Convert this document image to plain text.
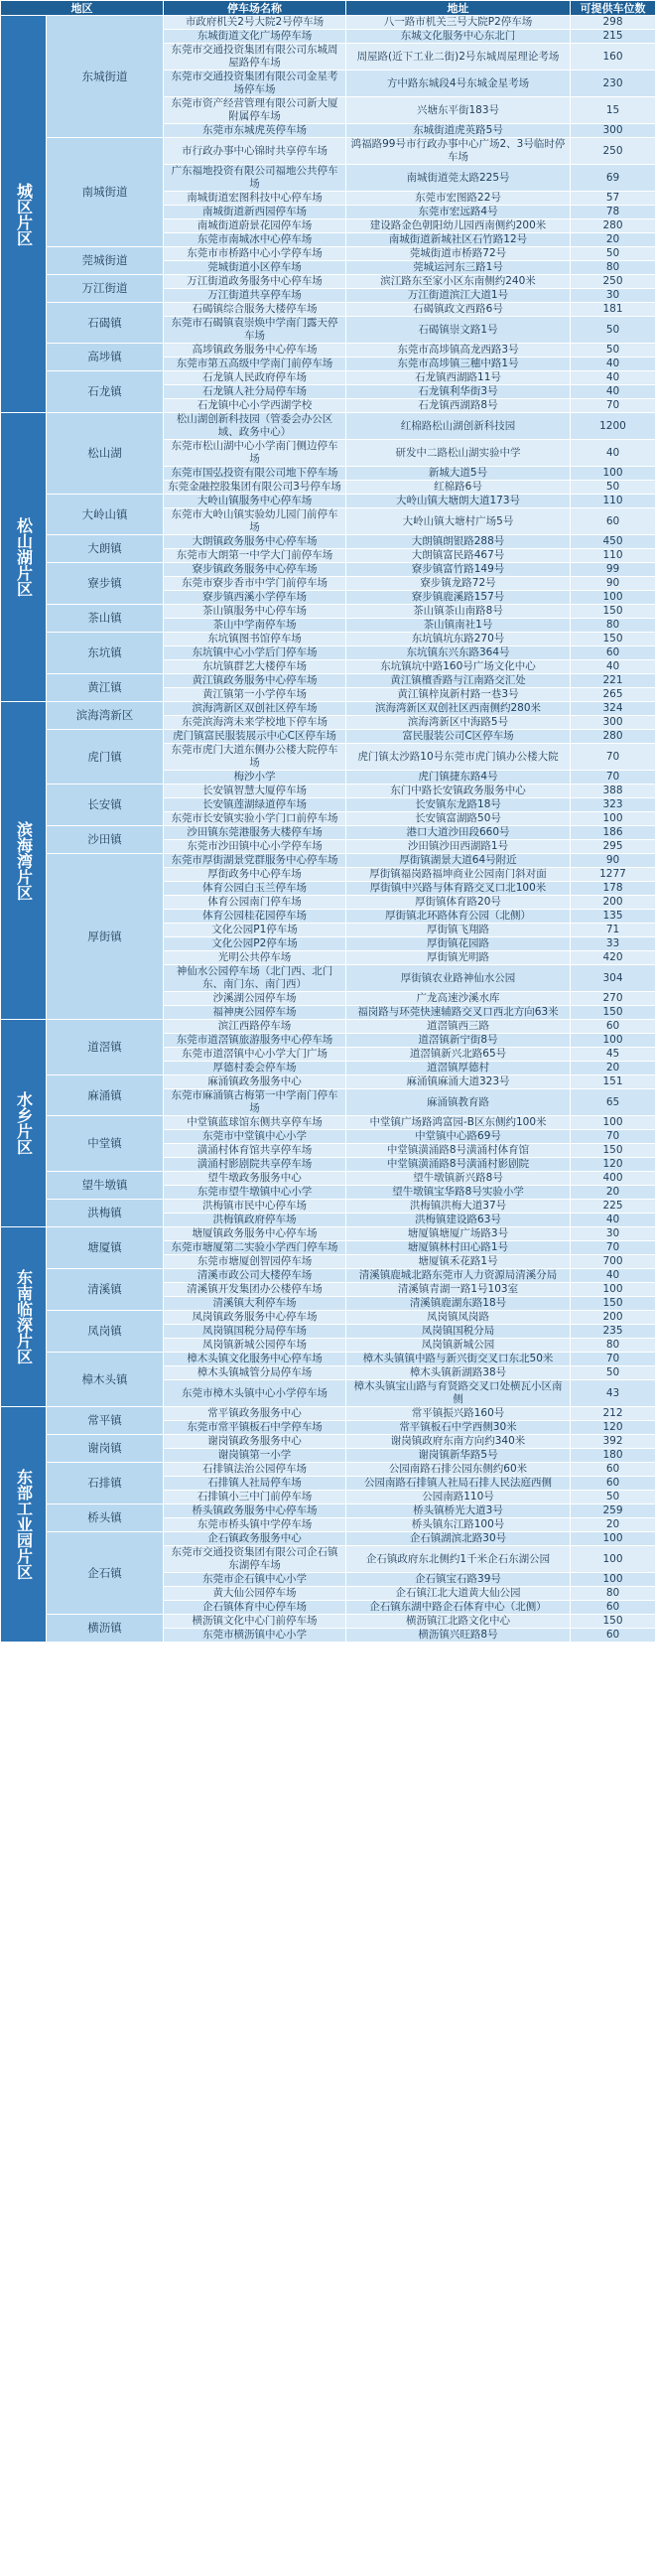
地区		停车场名称	地址	可提供车位数
城区片区	东城街道	市政府机关2号大院2号停车场	八一路市机关三号大院P2停车场	298
		东城街道文化广场停车场	东城文化服务中心东北门	215
		东莞市交通投资集团有限公司东城周屋路停车场	周屋路(近下工业二街)2号东城周屋理论考场	160
		东莞市交通投资集团有限公司金星考场停车场	方中路东城段4号东城金星考场	230
		东莞市资产经营管理有限公司新大厦附属停车场	兴塘东平街183号	15
		东莞市东城虎英停车场	东城街道虎英路5号	300
	南城街道	市行政办事中心锦时共享停车场	鸿福路99号市行政办事中心广场2、3号临时停车场	250
		广东福地投资有限公司福地公共停车场	南城街道莞太路225号	69
		南城街道宏图科技中心停车场	东莞市宏图路22号	57
		南城街道新西园停车场	东莞市宏远路4号	78
		南城街道蔚景花园停车场	建设路金色朝阳幼儿园西南侧约200米	280
		东莞市南城冰中心停车场	南城街道新城社区石竹路12号	20
	莞城街道	东莞市市桥路中心小学停车场	莞城街道市桥路72号	50
		莞城街道小区停车场	莞城运河东三路1号	80
	万江街道	万江街道政务服务中心停车场	滨江路东至家小区东南侧约240米	250
		万江街道共享停车场	万江街道滨江大道1号	30
	石碣镇	石碣镇综合服务大楼停车场	石碣镇政文西路6号	181
		东莞市石碣镇袁崇焕中学南门露天停车场	石碣镇崇文路1号	50
	高埗镇	高埗镇政务服务中心停车场	东莞市高埗镇高龙西路3号	50
		东莞市第五高级中学南门前停车场	东莞市高埗镇三穗中路1号	40
	石龙镇	石龙镇人民政府停车场	石龙镇西湖路11号	40
		石龙镇人社分局停车场	石龙镇利华街3号	40
		石龙镇中心小学西湖学校	石龙镇西湖路8号	70
松山湖片区	松山湖	松山湖创新科技园（管委会办公区域、政务中心）	红棉路松山湖创新科技园	1200
		东莞市松山湖中心小学南门侧边停车场	研发中二路松山湖实验中学	40
		东莞市国弘投资有限公司地下停车场	新城大道5号	100
		东莞金融控股集团有限公司3号停车场	红棉路6号	50
	大岭山镇	大岭山镇服务中心停车场	大岭山镇大塘朗大道173号	110
		东莞市大岭山镇实验幼儿园门前停车场	大岭山镇大塘村广场5号	60
	大朗镇	大朗镇政务服务中心停车场	大朗镇朗银路288号	450
		东莞市大朗第一中学大门前停车场	大朗镇富民路467号	110
	寮步镇	寮步镇政务服务中心停车场	寮步镇富竹路149号	99
		东莞市寮步香市中学门前停车场	寮步镇龙路72号	90
		寮步镇西溪小学停车场	寮步镇鹿溪路157号	100
	茶山镇	茶山镇服务中心停车场	茶山镇茶山南路8号	150
		茶山中学南停车场	茶山镇南社1号	80
	东坑镇	东坑镇图书馆停车场	东坑镇坑东路270号	150
		东坑镇中心小学后门停车场	东坑镇东兴东路364号	60
		东坑镇群艺大楼停车场	东坑镇坑中路160号广场文化中心	40
	黄江镇	黄江镇政务服务中心停车场	黄江镇檀香路与江南路交汇处	221
		黄江镇第一小学停车场	黄江镇梓岚新村路一巷3号	265
滨海湾片区	滨海湾新区	滨海湾新区双创社区停车场	滨海湾新区双创社区西南侧约280米	324
		东莞滨海湾未来学校地下停车场	滨海湾新区中海路5号	300
	虎门镇	虎门镇富民服装展示中心C区停车场	富民服装公司C区停车场	280
		东莞市虎门大道东侧办公楼大院停车场	虎门镇太沙路10号东莞市虎门镇办公楼大院	70
		梅沙小学	虎门镇捷东路4号	70
	长安镇	长安镇智慧大厦停车场	东门中路长安镇政务服务中心	388
		长安镇莲湖绿道停车场	长安镇东龙路18号	323
		东莞市长安镇实验小学门口前停车场	长安镇富湖路50号	100
	沙田镇	沙田镇东莞港服务大楼停车场	港口大道沙田段660号	186
		东莞市沙田镇中心小学停车场	沙田镇沙田西湖路1号	295
	厚街镇	东莞市厚街湖景党群服务中心停车场	厚街镇湖景大道64号附近	90
		厚街政务中心停车场	厚街镇福岗路福坤商业公园南门斜对面	1277
		体育公园白玉兰停车场	厚街镇中兴路与体育路交叉口北100米	178
		体育公园南门停车场	厚街镇体育路20号	200
		体育公园桂花园停车场	厚街镇北环路体育公园（北侧）	135
		文化公园P1停车场	厚街镇飞翔路	71
		文化公园P2停车场	厚街镇花园路	33
		光明公共停车场	厚街镇光明路	420
		神仙水公园停车场（北门西、北门东、南门东、南门西）	厚街镇农业路神仙水公园	304
		沙溪湖公园停车场	广龙高速沙溪水库	270
		福神庚公园停车场	福岗路与环莞快速辅路交叉口西北方向63米	150
水乡片区	道滘镇	滨江西路停车场	道滘镇西三路	60
		东莞市道滘镇旅游服务中心停车场	道滘镇新宁街8号	100
		东莞市道滘镇中心小学大门广场	道滘镇新兴北路65号	45
		厚德村委会停车场	道滘镇厚德村	20
	麻涌镇	麻涌镇政务服务中心	麻涌镇麻涌大道323号	151
		东莞市麻涌镇古梅第一中学南门停车场	麻涌镇教育路	65
	中堂镇	中堂镇蓝球馆东侧共享停车场	中堂镇广场路鸿富园-B区东侧约100米	100
		东莞市中堂镇中心小学	中堂镇中心路69号	70
		潢涌村体育馆共享停车场	中堂镇潢涌路8号潢涌村体育馆	150
		潢涌村影剧院共享停车场	中堂镇潢涌路8号潢涌村影剧院	120
	望牛墩镇	望牛墩政务服务中心	望牛墩镇新兴路8号	400
		东莞市望牛墩镇中心小学	望牛墩镇宝华路8号实验小学	20
	洪梅镇	洪梅镇市民中心停车场	洪梅镇洪梅大道37号	225
		洪梅镇政府停车场	洪梅镇建设路63号	40
东南临深片区	塘厦镇	塘厦镇政务服务中心停车场	塘厦镇塘厦广场路3号	30
		东莞市塘厦第二实验小学西门停车场	塘厦镇林村田心路1号	70
		东莞市塘厦创智园停车场	塘厦镇禾花路1号	700
	清溪镇	清溪市政公司大楼停车场	清溪镇鹿城北路东莞市人力资源局清溪分局	40
		清溪镇开发集团办公楼停车场	清溪镇青湖一路1号103室	100
		清溪镇大利停车场	清溪镇鹿湖东路18号	150
	凤岗镇	凤岗镇政务服务中心停车场	凤岗镇凤岗路	200
		凤岗镇国税分局停车场	凤岗镇国税分局	235
		凤岗镇新城公园停车场	凤岗镇新城公园	80
	樟木头镇	樟木头镇文化服务中心停车场	樟木头镇镇中路与新兴街交叉口东北50米	70
		樟木头镇城管分局停车场	樟木头镇新湖路38号	50
		东莞市樟木头镇中心小学停车场	樟木头镇宝山路与育贤路交叉口处横瓦小区南侧	43
东部工业园片区	常平镇	常平镇政务服务中心	常平镇振兴路160号	212
		东莞市常平镇板石中学停车场	常平镇板石中学西侧30米	120
	谢岗镇	谢岗镇政务服务中心	谢岗镇政府东南方向约340米	392
		谢岗镇第一小学	谢岗镇新华路5号	180
	石排镇	石排镇法治公园停车场	公园南路石排公园东侧约60米	60
		石排镇人社局停车场	公园南路石排镇人社局石排人民法庭西侧	60
		石排镇小三中门前停车场	公园南路110号	50
	桥头镇	桥头镇政务服务中心停车场	桥头镇桥光大道3号	259
		东莞市桥头镇中学停车场	桥头镇东江路100号	20
	企石镇	企石镇政务服务中心	企石镇湖滨北路30号	100
		东莞市交通投资集团有限公司企石镇东湖停车场	企石镇政府东北侧约1千米企石东湖公园	100
		东莞市企石镇中心小学	企石镇宝石路39号	100
		黄大仙公园停车场	企石镇江北大道黄大仙公园	80
		企石镇体育中心停车场	企石镇东湖中路企石体育中心（北侧）	60
	横沥镇	横沥镇文化中心门前停车场	横沥镇江北路文化中心	150
		东莞市横沥镇中心小学	横沥镇兴旺路8号	60
